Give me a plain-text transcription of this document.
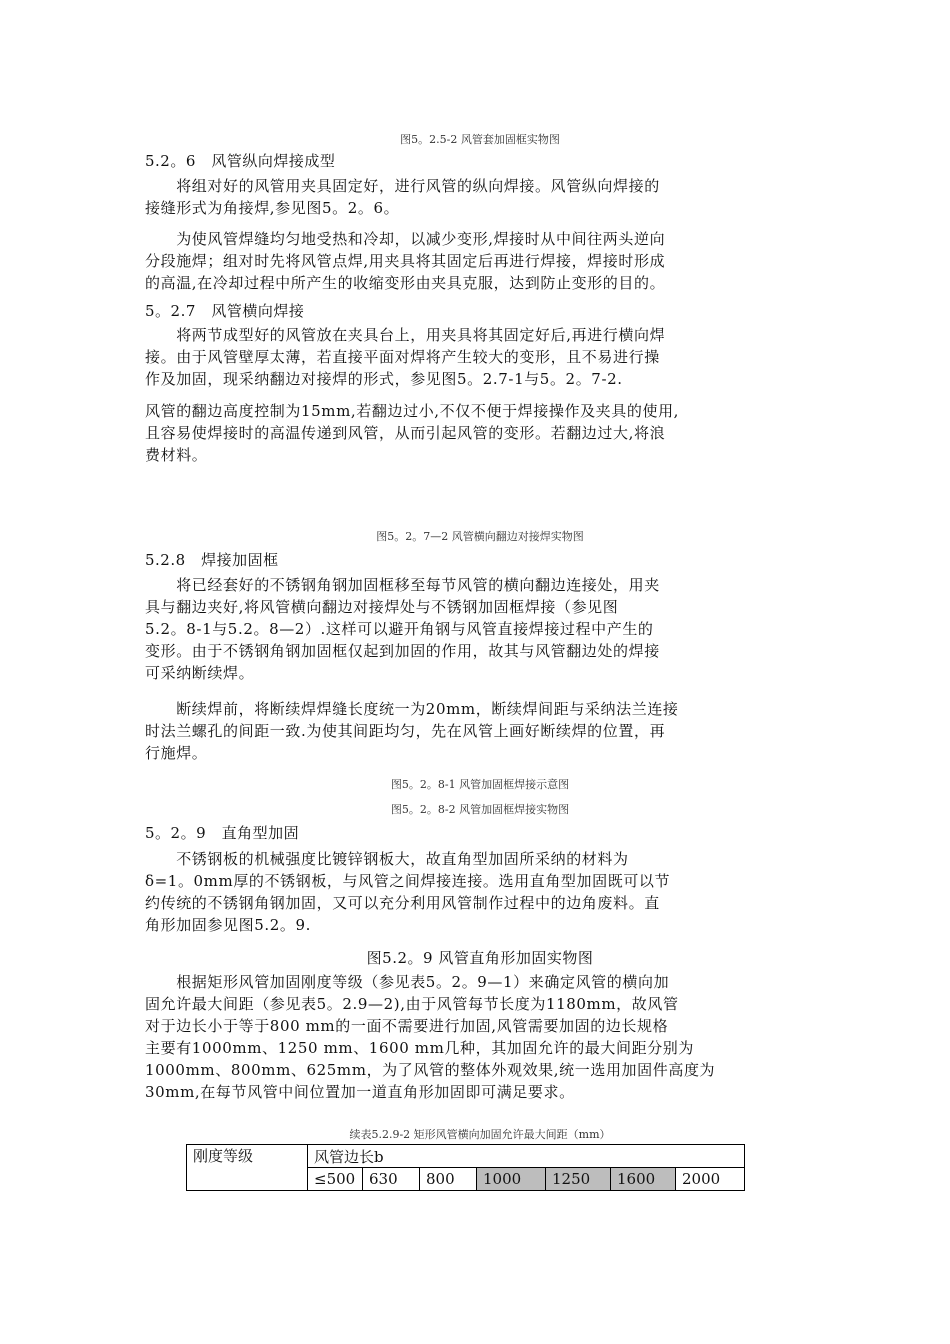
图5。2.5-2 风管套加固框实物图
5.2。6　风管纵向焊接成型
　　将组对好的风管用夹具固定好，进行风管的纵向焊接。风管纵向焊接的
接缝形式为角接焊,参见图5。2。6。
　　为使风管焊缝均匀地受热和冷却，以减少变形,焊接时从中间往两头逆向
分段施焊；组对时先将风管点焊,用夹具将其固定后再进行焊接，焊接时形成
的高温,在冷却过程中所产生的收缩变形由夹具克服，达到防止变形的目的。
5。2.7　风管横向焊接
　　将两节成型好的风管放在夹具台上，用夹具将其固定好后,再进行横向焊
接。由于风管壁厚太薄，若直接平面对焊将产生较大的变形，且不易进行操
作及加固，现采纳翻边对接焊的形式，参见图5。2.7-1与5。2。7-2.
风管的翻边高度控制为15mm,若翻边过小,不仅不便于焊接操作及夹具的使用,
且容易使焊接时的高温传递到风管，从而引起风管的变形。若翻边过大,将浪
费材料。
图5。2。7—2 风管横向翻边对接焊实物图
5.2.8　焊接加固框
　　将已经套好的不锈钢角钢加固框移至每节风管的横向翻边连接处，用夹
具与翻边夹好,将风管横向翻边对接焊处与不锈钢加固框焊接（参见图
5.2。8-1与5.2。8—2）.这样可以避开角钢与风管直接焊接过程中产生的
变形。由于不锈钢角钢加固框仅起到加固的作用，故其与风管翻边处的焊接
可采纳断续焊。
　　断续焊前，将断续焊焊缝长度统一为20mm，断续焊间距与采纳法兰连接
时法兰螺孔的间距一致.为使其间距均匀，先在风管上画好断续焊的位置，再
行施焊。
图5。2。8-1 风管加固框焊接示意图
图5。2。8-2 风管加固框焊接实物图
5。2。9　直角型加固
　　不锈钢板的机械强度比镀锌钢板大，故直角型加固所采纳的材料为
δ=1。0mm厚的不锈钢板，与风管之间焊接连接。选用直角型加固既可以节
约传统的不锈钢角钢加固，又可以充分利用风管制作过程中的边角废料。直
角形加固参见图5.2。9.
图5.2。9 风管直角形加固实物图
　　根据矩形风管加固刚度等级（参见表5。2。9—1）来确定风管的横向加
固允许最大间距（参见表5。2.9—2),由于风管每节长度为1180mm，故风管
对于边长小于等于800 mm的一面不需要进行加固,风管需要加固的边长规格
主要有1000mm、1250 mm、1600 mm几种，其加固允许的最大间距分别为
1000mm、800mm、625mm，为了风管的整体外观效果,统一选用加固件高度为
30mm,在每节风管中间位置加一道直角形加固即可满足要求。
续表5.2.9-2 矩形风管横向加固允许最大间距（mm）
刚度等级	风管边长b						
	≤500	630	800	1000	1250	1600	2000
